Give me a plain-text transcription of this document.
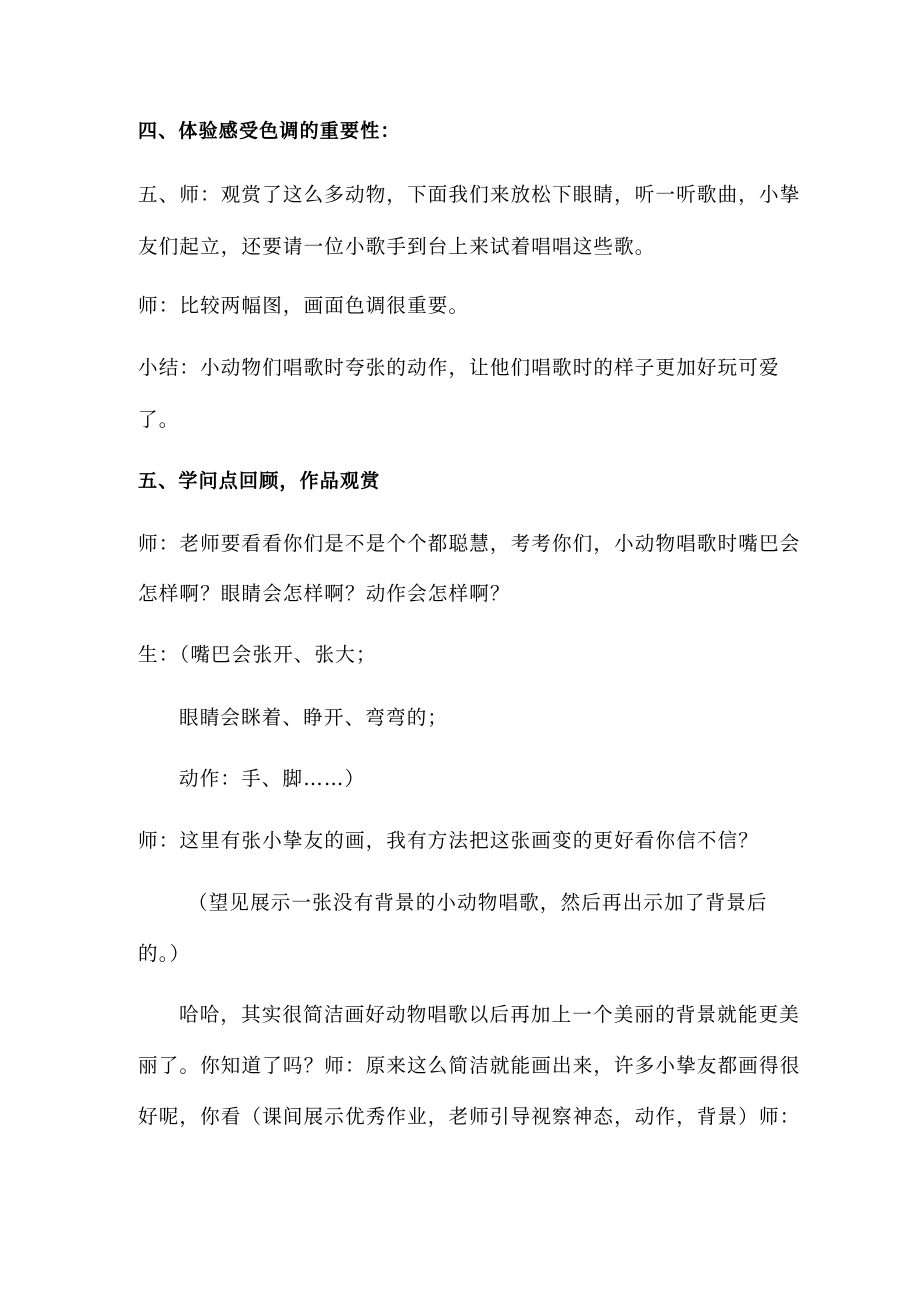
四、体验感受色调的重要性：
五、师：观赏了这么多动物，下面我们来放松下眼睛，听一听歌曲，小挚
友们起立，还要请一位小歌手到台上来试着唱唱这些歌。
师：比较两幅图，画面色调很重要。
小结：小动物们唱歌时夸张的动作，让他们唱歌时的样子更加好玩可爱
了。
五、学问点回顾，作品观赏
师：老师要看看你们是不是个个都聪慧，考考你们，小动物唱歌时嘴巴会
怎样啊？眼睛会怎样啊？动作会怎样啊？
生：（嘴巴会张开、张大；
眼睛会眯着、睁开、弯弯的；
动作：手、脚……）
师：这里有张小挚友的画，我有方法把这张画变的更好看你信不信？
（望见展示一张没有背景的小动物唱歌，然后再出示加了背景后
的。）
哈哈，其实很简洁画好动物唱歌以后再加上一个美丽的背景就能更美
丽了。你知道了吗？师：原来这么简洁就能画出来，许多小挚友都画得很
好呢，你看（课间展示优秀作业，老师引导视察神态，动作，背景）师：
